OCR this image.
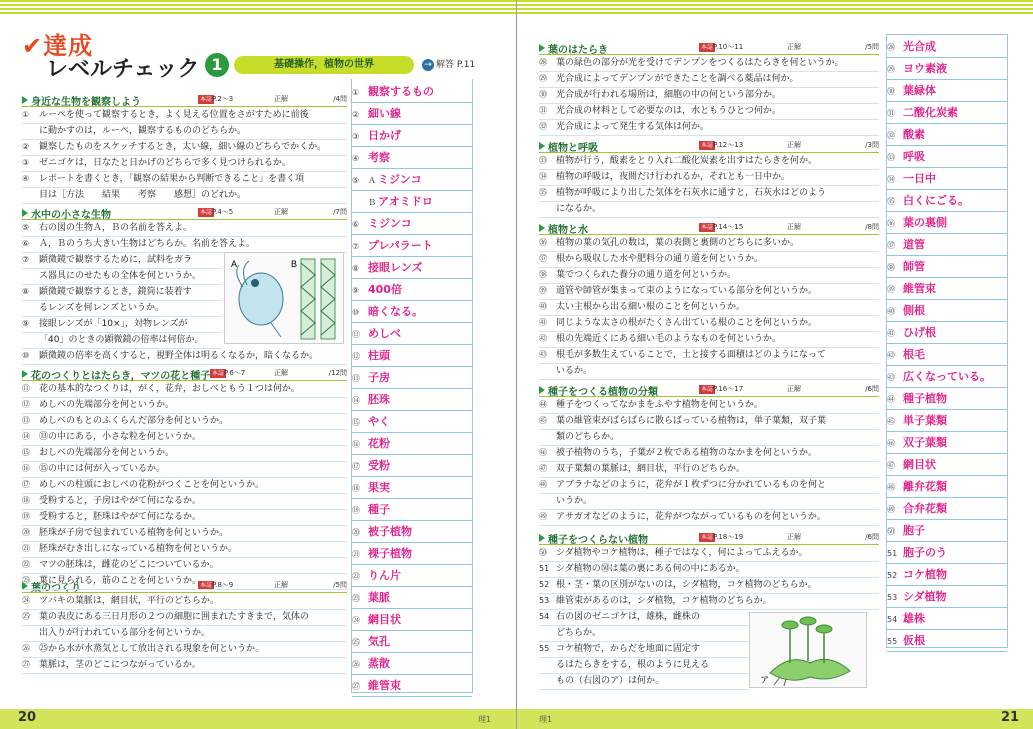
✔達成
レベルチェック 1	基礎操作，植物の世界	→ 解答 P.11
身近な生物を観察しよう	本誌 P.2〜3	正解	/4問
水中の小さな生物	本誌 P.4〜5	正解	/7問
花のつくりとはたらき，マツの花と種子 本誌 P.6〜7	正解	/12問
葉のつくり	本誌 P.8〜9	正解	/5問
① ルーペを使って観察するとき，よく見える位置をさがすために前後
に動かすのは，ルーペ，観察するもののどちらか。
② 観察したものをスケッチするとき，太い線，細い線のどちらでかくか。
③ ゼニゴケは，日なたと日かげのどちらで多く見つけられるか。
④ レポートを書くとき，「観察の結果から判断できること」を書く項
目は［方法　　結果　　考察　　感想］のどれか。
⑤ 右の図の生物Ａ，Ｂの名前を答えよ。
⑥ Ａ，Ｂのうち大きい生物はどちらか。名前を答えよ。
⑦ 顕微鏡で観察するために，試料をガラ
ス器具にのせたもの全体を何というか。
⑧ 顕微鏡で観察するとき，鏡筒に装着す
るレンズを何レンズというか。
⑨ 接眼レンズが「10×」，対物レンズが
「40」のときの顕微鏡の倍率は何倍か。
⑩ 顕微鏡の倍率を高くすると，視野全体は明るくなるか，暗くなるか。
⑪ 花の基本的なつくりは，がく，花弁，おしべともう１つは何か。
⑫ めしべの先端部分を何というか。
⑬ めしべのもとのふくらんだ部分を何というか。
⑭ ⑬の中にある，小さな粒を何というか。
⑮ おしべの先端部分を何というか。
⑯ ⑮の中には何が入っているか。
⑰ めしべの柱頭におしべの花粉がつくことを何というか。
⑱ 受粉すると，子房はやがて何になるか。
⑲ 受粉すると，胚珠はやがて何になるか。
⑳ 胚珠が子房で包まれている植物を何というか。
㉑ 胚珠がむき出しになっている植物を何というか。
㉒ マツの胚珠は，雌花のどこについているか。
㉓ 葉に見られる，筋のことを何というか。
㉔ ツバキの葉脈は，網目状，平行のどちらか。
㉕ 葉の表皮にある三日月形の２つの細胞に囲まれたすきまで，気体の
出入りが行われている部分を何というか。
㉖ ㉕から水が水蒸気として放出される現象を何というか。
㉗ 葉脈は，茎のどこにつながっているか。
① 観察するもの
② 細い線
③ 日かげ
④ 考察
⑤ Ａ ミジンコ
Ｂ アオミドロ
⑥ ミジンコ
⑦ プレパラート
⑧ 接眼レンズ
⑨ 400倍
⑩ 暗くなる。
⑪ めしべ
⑫ 柱頭
⑬ 子房
⑭ 胚珠
⑮ やく
⑯ 花粉
⑰ 受粉
⑱ 果実
⑲ 種子
⑳ 被子植物
㉑ 裸子植物
㉒ りん片
㉓ 葉脈
㉔ 網目状
㉕ 気孔
㉖ 蒸散
㉗ 維管束
A	B
20	理1
葉のはたらき	本誌 P.10〜11	正解	/5問
植物と呼吸	本誌 P.12〜13	正解	/3問
植物と水	本誌 P.14〜15	正解	/8問
種子をつくる植物の分類	本誌 P.16〜17	正解	/6問
種子をつくらない植物	本誌 P.18〜19	正解	/6問
㉘ 葉の緑色の部分が光を受けてデンプンをつくるはたらきを何というか。
㉙ 光合成によってデンプンができたことを調べる薬品は何か。
㉚ 光合成が行われる場所は，細胞の中の何という部分か。
㉛ 光合成の材料として必要なのは，水ともうひとつ何か。
㉜ 光合成によって発生する気体は何か。
㉝ 植物が行う，酸素をとり入れ二酸化炭素を出すはたらきを何か。
㉞ 植物の呼吸は，夜間だけ行われるか，それとも一日中か。
㉟ 植物が呼吸により出した気体を石灰水に通すと，石灰水はどのよう
になるか。
㊱ 植物の葉の気孔の数は，葉の表側と裏側のどちらに多いか。
㊲ 根から吸収した水や肥料分の通り道を何というか。
㊳ 葉でつくられた養分の通り道を何というか。
㊴ 道管や師管が集まって束のようになっている部分を何というか。
㊵ 太い主根から出る細い根のことを何というか。
㊶ 同じような太さの根がたくさん出ている根のことを何というか。
㊷ 根の先端近くにある細い毛のようなものを何というか。
㊸ 根毛が多数生えていることで，土と接する面積はどのようになって
いるか。
㊹ 種子をつくってなかまをふやす植物を何というか。
㊺ 葉の維管束がばらばらに散らばっている植物は，単子葉類，双子葉
類のどちらか。
㊻ 被子植物のうち，子葉が２枚である植物のなかまを何というか。
㊼ 双子葉類の葉脈は，網目状，平行のどちらか。
㊽ アブラナなどのように，花弁が１枚ずつに分かれているものを何と
いうか。
㊾ アサガオなどのように，花弁がつながっているものを何というか。
㊿ シダ植物やコケ植物は，種子ではなく，何によってふえるか。
51 シダ植物の㊿は葉の裏にある何の中にあるか。
52 根・茎・葉の区別がないのは，シダ植物，コケ植物のどちらか。
53 維管束があるのは，シダ植物，コケ植物のどちらか。
54 右の図のゼニゴケは，雄株，雌株の
どちらか。
55 コケ植物で，からだを地面に固定す
るはたらきをする，根のように見える
もの（右図のア）は何か。
㉘ 光合成
㉙ ヨウ素液
㉚ 葉緑体
㉛ 二酸化炭素
㉜ 酸素
㉝ 呼吸
㉞ 一日中
㉟ 白くにごる。
㊱ 葉の裏側
㊲ 道管
㊳ 師管
㊴ 維管束
㊵ 側根
㊶ ひげ根
㊷ 根毛
㊸ 広くなっている。
㊹ 種子植物
㊺ 単子葉類
㊻ 双子葉類
㊼ 網目状
㊽ 離弁花類
㊾ 合弁花類
㊿ 胞子
51 胞子のう
52 コケ植物
53 シダ植物
54 雄株
55 仮根
ア
理1	21
